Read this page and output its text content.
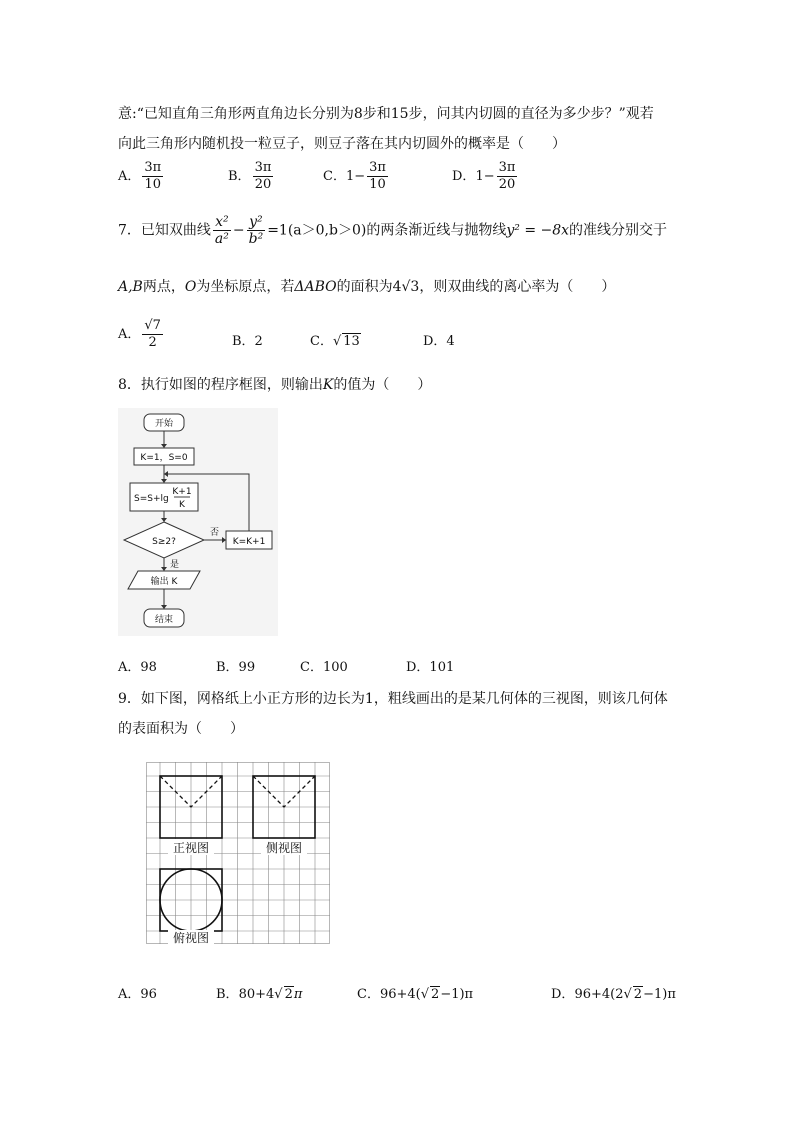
意:“已知直角三角形两直角边长分别为8步和15步，问其内切圆的直径为多少步？”观若
向此三角形内随机投一粒豆子，则豆子落在其内切圆外的概率是（　　）
A． $\frac{3\pi}{10}$	B． $\frac{3\pi}{20}$	C．$1- \frac{3\pi}{10}$	D．$1- \frac{3\pi}{20}$
7．已知双曲线 $\frac{\text{x²}}{\text{a²}} - \frac{\text{y²}}{\text{b²}} =1(a>0,b>0)$的两条渐近线与抛物线y² = −8x的准线分别交于
A,B两点，O为坐标原点，若ΔABO的面积为4√3，则双曲线的离心率为（　　）
A． $\frac{√7}{2}$	B．2	C．√ 13	D．4
8．执行如图的程序框图，则输出K的值为（　　）
开始
K=1，S=0
S=S+lg
K+1
K
S≥2?
否
是
K=K+1
输出 K
结束
A．98	B．99	C．100	D．101
9．如下图，网格纸上小正方形的边长为1，粗线画出的是某几何体的三视图，则该几何体
的表面积为（　　）
正视图	侧视图
俯视图
A．96	B．80+4√ 2π	C．96+4(√ 2−1)π	D．96+4(2√ 2−1)π
